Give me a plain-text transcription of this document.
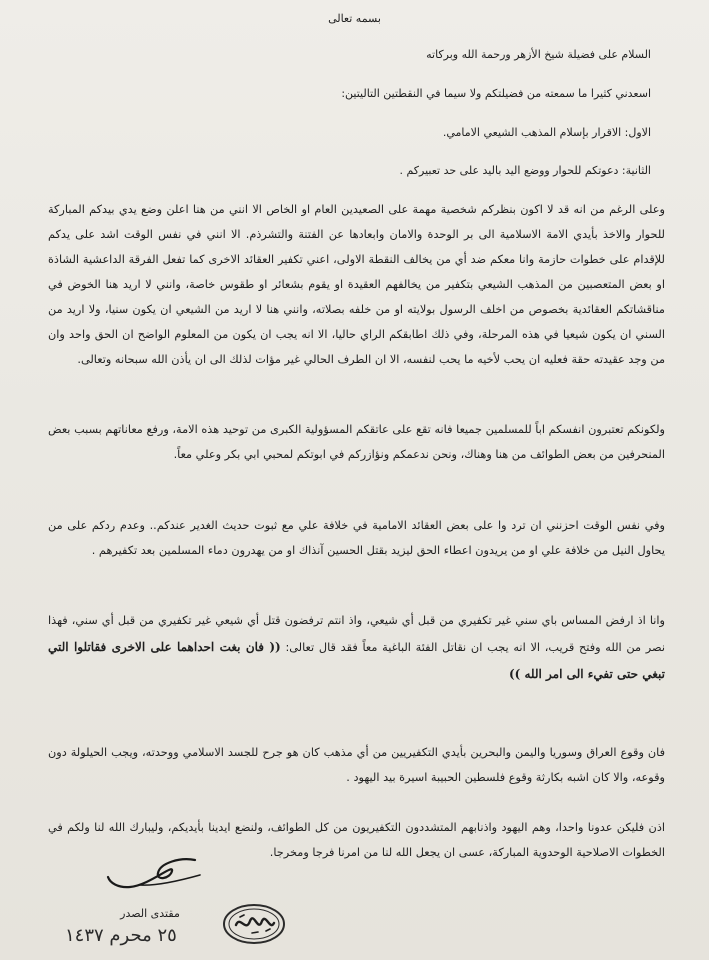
بسمه تعالى
السلام على فضيلة شيخ الأزهر ورحمة الله وبركاته
اسعدني كثيرا ما سمعته من فضيلتكم ولا سيما في النقطتين التاليتين:
الاول: الاقرار بإسلام المذهب الشيعي الامامي.
الثانية: دعوتكم للحوار ووضع اليد باليد على حد تعبيركم .
وعلى الرغم من انه قد لا اكون بنظركم شخصية مهمة على الصعيدين العام او الخاص الا انني من هنا اعلن وضع يدي بيدكم المباركة للحوار والاخذ بأيدي الامة الاسلامية الى بر الوحدة والامان وابعادها عن الفتنة والتشرذم. الا انني في نفس الوقت اشد على يدكم للإقدام على خطوات حازمة وانا معكم ضد أي من يخالف النقطة الاولى، اعني تكفير العقائد الاخرى كما تفعل الفرقة الداعشية الشاذة او بعض المتعصبين من المذهب الشيعي بتكفير من يخالفهم العقيدة او يقوم بشعائر او طقوس خاصة، وانني لا اريد هنا الخوض في مناقشاتكم العقائدية بخصوص من اخلف الرسول بولايته او من خلفه بصلاته، وانني هنا لا اريد من الشيعي ان يكون سنيا، ولا اريد من السني ان يكون شيعيا في هذه المرحلة، وفي ذلك اطابقكم الراي حاليا، الا انه يجب ان يكون من المعلوم الواضح ان الحق واحد وان من وجد عقيدته حقة فعليه ان يحب لأخيه ما يحب لنفسه، الا ان الطرف الحالي غير مؤات لذلك الى ان يأذن الله سبحانه وتعالى.
ولكونكم تعتبرون انفسكم اباً للمسلمين جميعا فانه تقع على عاتقكم المسؤولية الكبرى من توحيد هذه الامة، ورفع معاناتهم بسبب بعض المنحرفين من بعض الطوائف من هنا وهناك، ونحن ندعمكم ونؤازركم في ابوتكم لمحبي ابي بكر وعلي معاً.
وفي نفس الوقت احزنني ان ترد وا على بعض العقائد الامامية في خلافة علي مع ثبوت حديث الغدير عندكم.. وعدم ردكم على من يحاول النيل من خلافة علي او من يريدون اعطاء الحق ليزيد بقتل الحسين آنذاك او من يهدرون دماء المسلمين بعد تكفيرهم .
وانا اذ ارفض المساس باي سني غير تكفيري من قبل أي شيعي، واذ انتم ترفضون قتل أي شيعي غير تكفيري من قبل أي سني، فهذا نصر من الله وفتح قريب، الا انه يجب ان نقاتل الفئة الباغية معاً فقد قال تعالى: (( فان بغت احداهما على الاخرى فقاتلوا التي تبغي حتى تفيء الى امر الله ))
فان وقوع العراق وسوريا واليمن والبحرين بأيدي التكفيريين من أي مذهب كان هو جرح للجسد الاسلامي ووحدته، ويجب الحيلولة دون وقوعه، والا كان اشبه بكارثة وقوع فلسطين الحبيبة اسيرة بيد اليهود .
اذن فليكن عدونا واحدا، وهم اليهود واذنابهم المتشددون التكفيريون من كل الطوائف، ولنضع ايدينا بأيديكم، وليبارك الله لنا ولكم في الخطوات الاصلاحية الوحدوية المباركة، عسى ان يجعل الله لنا من امرنا فرجا ومخرجا.
مقتدى الصدر
٢٥ محرم ١٤٣٧
